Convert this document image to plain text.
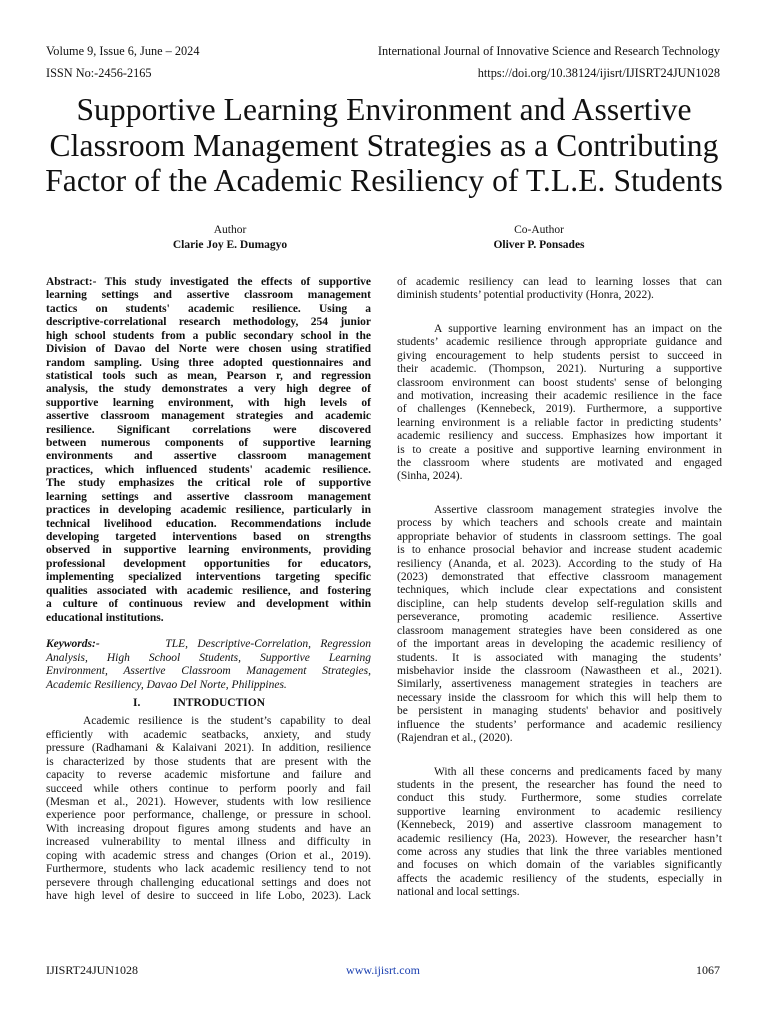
Volume 9, Issue 6, June – 2024	International Journal of Innovative Science and Research Technology
ISSN No:-2456-2165	https://doi.org/10.38124/ijisrt/IJISRT24JUN1028
Supportive Learning Environment and Assertive
Classroom Management Strategies as a Contributing
Factor of the Academic Resiliency of T.L.E. Students
Author
Clarie Joy E. Dumagyo
Co-Author
Oliver P. Ponsades
Abstract:- This study investigated the effects of supportive
learning settings and assertive classroom management
tactics on students' academic resilience. Using a
descriptive-correlational research methodology, 254 junior
high school students from a public secondary school in the
Division of Davao del Norte were chosen using stratified
random sampling. Using three adopted questionnaires and
statistical tools such as mean, Pearson r, and regression
analysis, the study demonstrates a very high degree of
supportive learning environment, with high levels of
assertive classroom management strategies and academic
resilience. Significant correlations were discovered
between numerous components of supportive learning
environments and assertive classroom management
practices, which influenced students' academic resilience.
The study emphasizes the critical role of supportive
learning settings and assertive classroom management
practices in developing academic resilience, particularly in
technical livelihood education. Recommendations include
developing targeted interventions based on strengths
observed in supportive learning environments, providing
professional development opportunities for educators,
implementing specialized interventions targeting specific
qualities associated with academic resilience, and fostering
a culture of continuous review and development within
educational institutions.
Keywords:-	TLE, Descriptive-Correlation, Regression
Analysis, High School Students, Supportive Learning
Environment, Assertive Classroom Management Strategies,
Academic Resiliency, Davao Del Norte, Philippines.
I.	INTRODUCTION
Academic resilience is the student’s capability to deal
efficiently with academic seatbacks, anxiety, and study
pressure (Radhamani & Kalaivani 2021). In addition, resilience
is characterized by those students that are present with the
capacity to reverse academic misfortune and failure and
succeed while others continue to perform poorly and fail
(Mesman et al., 2021). However, students with low resilience
experience poor performance, challenge, or pressure in school.
With increasing dropout figures among students and have an
increased vulnerability to mental illness and difficulty in
coping with academic stress and changes (Orion et al., 2019).
Furthermore, students who lack academic resiliency tend to not
persevere through challenging educational settings and does not
have high level of desire to succeed in life Lobo, 2023). Lack
of academic resiliency can lead to learning losses that can
diminish students’ potential productivity (Honra, 2022).
A supportive learning environment has an impact on the
students’ academic resilience through appropriate guidance and
giving encouragement to help students persist to succeed in
their academic. (Thompson, 2021). Nurturing a supportive
classroom environment can boost students' sense of belonging
and motivation, increasing their academic resilience in the face
of challenges (Kennebeck, 2019). Furthermore, a supportive
learning environment is a reliable factor in predicting students’
academic resiliency and success. Emphasizes how important it
is to create a positive and supportive learning environment in
the classroom where students are motivated and engaged
(Sinha, 2024).
Assertive classroom management strategies involve the
process by which teachers and schools create and maintain
appropriate behavior of students in classroom settings. The goal
is to enhance prosocial behavior and increase student academic
resiliency (Ananda, et al. 2023). According to the study of Ha
(2023) demonstrated that effective classroom management
techniques, which include clear expectations and consistent
discipline, can help students develop self-regulation skills and
perseverance, promoting academic resilience. Assertive
classroom management strategies have been considered as one
of the important areas in developing the academic resiliency of
students. It is associated with managing the students’
misbehavior inside the classroom (Nawastheen et al., 2021).
Similarly, assertiveness management strategies in teachers are
necessary inside the classroom for which this will help them to
be persistent in managing students' behavior and positively
influence the students’ performance and academic resiliency
(Rajendran et al., (2020).
With all these concerns and predicaments faced by many
students in the present, the researcher has found the need to
conduct this study. Furthermore, some studies correlate
supportive learning environment to academic resiliency
(Kennebeck, 2019) and assertive classroom management to
academic resiliency (Ha, 2023). However, the researcher hasn’t
come across any studies that link the three variables mentioned
and focuses on which domain of the variables significantly
affects the academic resiliency of the students, especially in
national and local settings.
IJISRT24JUN1028	www.ijisrt.com	1067
